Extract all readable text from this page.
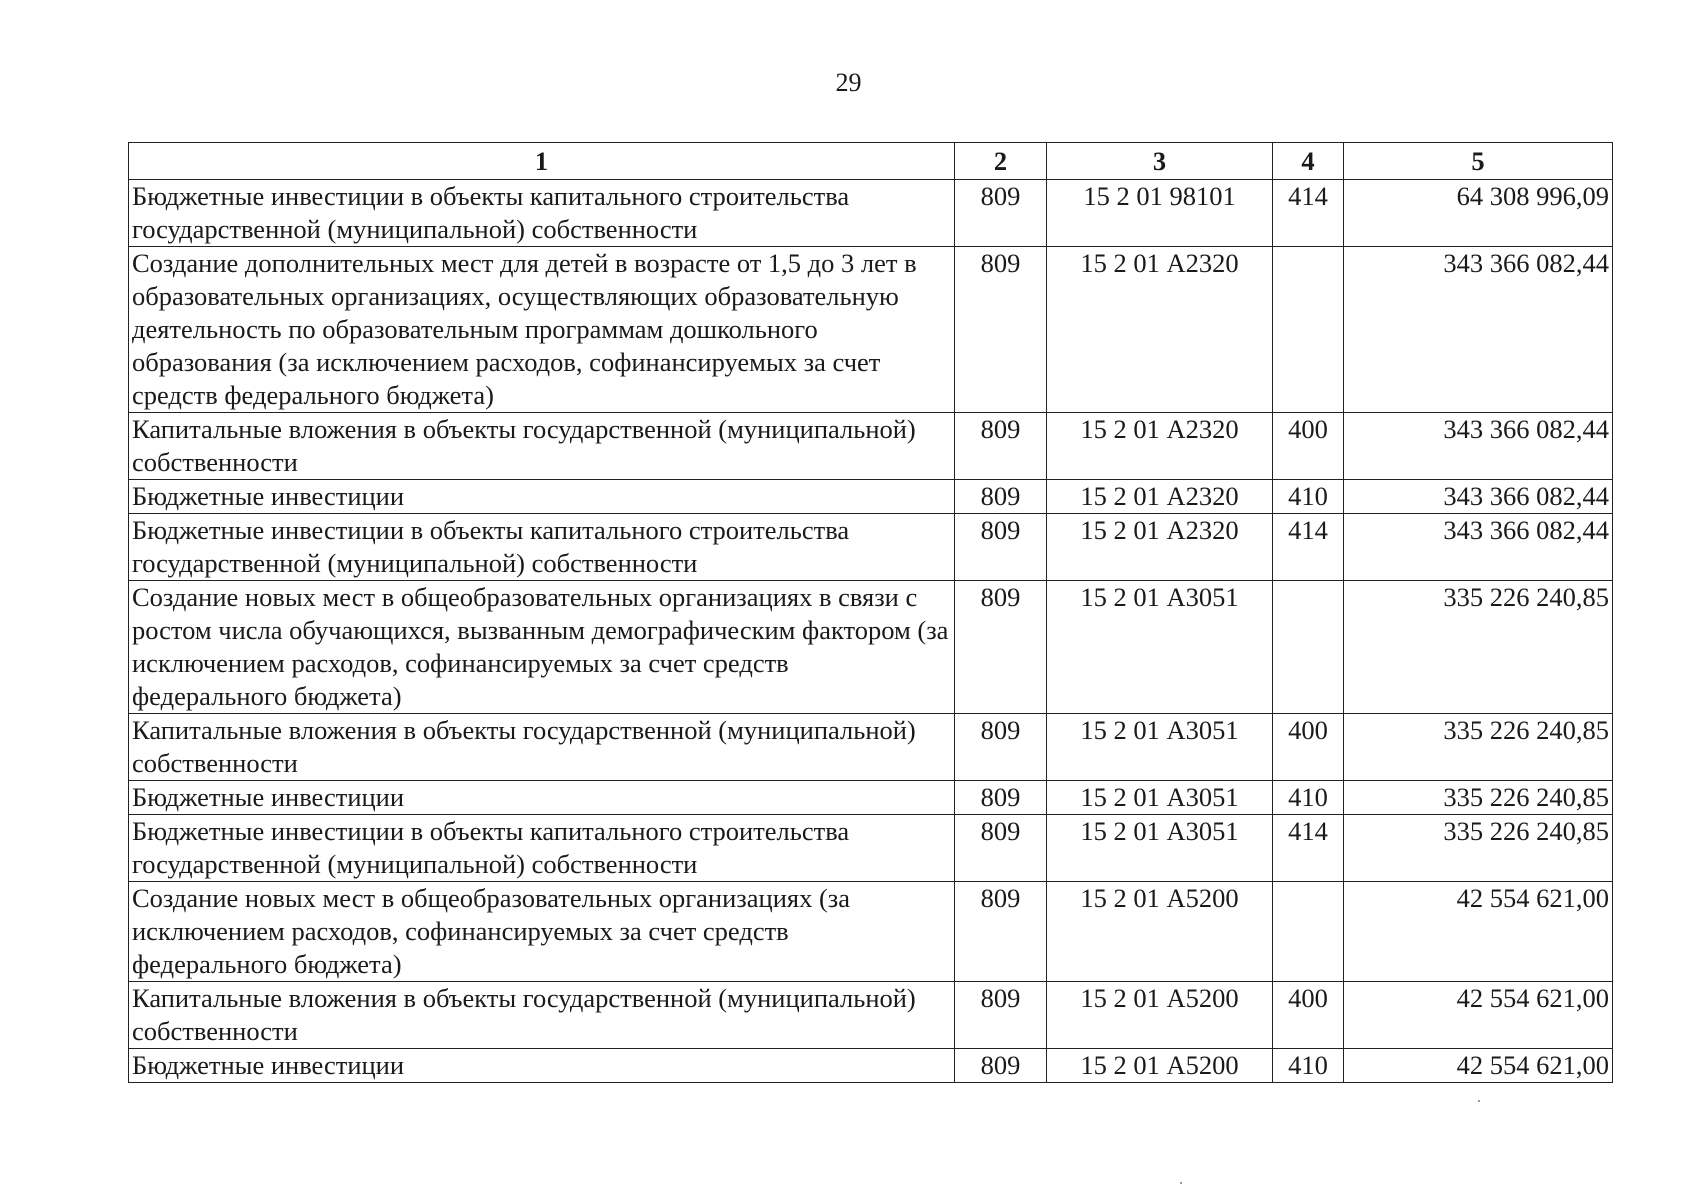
29
1	2	3	4	5
Бюджетные инвестиции в объекты капитального строительства государственной (муниципальной) собственности	809	15 2 01 98101	414	64 308 996,09
Создание дополнительных мест для детей в возрасте от 1,5 до 3 лет в образовательных организациях, осуществляющих образовательную деятельность по образовательным программам дошкольного образования (за исключением расходов, софинансируемых за счет средств федерального бюджета)	809	15 2 01 А2320		343 366 082,44
Капитальные вложения в объекты государственной (муниципальной) собственности	809	15 2 01 А2320	400	343 366 082,44
Бюджетные инвестиции	809	15 2 01 А2320	410	343 366 082,44
Бюджетные инвестиции в объекты капитального строительства государственной (муниципальной) собственности	809	15 2 01 А2320	414	343 366 082,44
Создание новых мест в общеобразовательных организациях в связи с ростом числа обучающихся, вызванным демографическим фактором (за исключением расходов, софинансируемых за счет средств федерального бюджета)	809	15 2 01 А3051		335 226 240,85
Капитальные вложения в объекты государственной (муниципальной) собственности	809	15 2 01 А3051	400	335 226 240,85
Бюджетные инвестиции	809	15 2 01 А3051	410	335 226 240,85
Бюджетные инвестиции в объекты капитального строительства государственной (муниципальной) собственности	809	15 2 01 А3051	414	335 226 240,85
Создание новых мест в общеобразовательных организациях (за исключением расходов, софинансируемых за счет средств федерального бюджета)	809	15 2 01 А5200		42 554 621,00
Капитальные вложения в объекты государственной (муниципальной) собственности	809	15 2 01 А5200	400	42 554 621,00
Бюджетные инвестиции	809	15 2 01 А5200	410	42 554 621,00
